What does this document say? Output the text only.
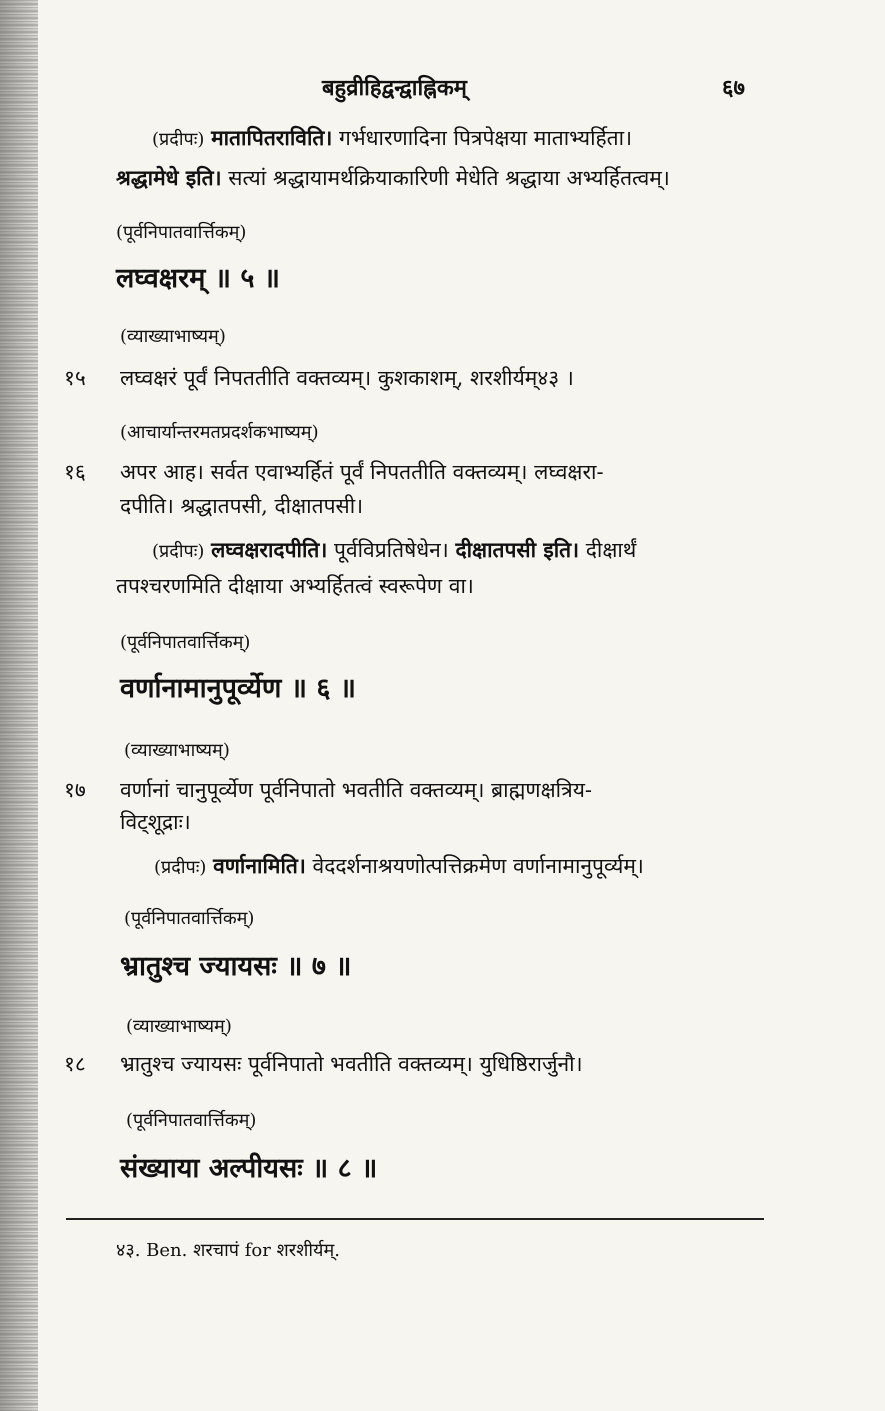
बहुव्रीहिद्वन्द्वाह्निकम्	६७
(प्रदीपः) मातापितराविति। गर्भधारणादिना पित्रपेक्षया माताभ्यर्हिता।
श्रद्धामेधे इति। सत्यां श्रद्धायामर्थक्रियाकारिणी मेधेति श्रद्धाया अभ्यर्हितत्वम्।
(पूर्वनिपातवार्त्तिकम्)
लघ्वक्षरम् ॥ ५ ॥
(व्याख्याभाष्यम्)
१५ लघ्वक्षरं पूर्वं निपततीति वक्तव्यम्। कुशकाशम्, शरशीर्यम्४३ ।
(आचार्यान्तरमतप्रदर्शकभाष्यम्)
१६ अपर आह। सर्वत एवाभ्यर्हितं पूर्वं निपततीति वक्तव्यम्। लघ्वक्षरा-
दपीति। श्रद्धातपसी, दीक्षातपसी।
(प्रदीपः) लघ्वक्षरादपीति। पूर्वविप्रतिषेधेन। दीक्षातपसी इति। दीक्षार्थं
तपश्चरणमिति दीक्षाया अभ्यर्हितत्वं स्वरूपेण वा।
(पूर्वनिपातवार्त्तिकम्)
वर्णानामानुपूर्व्येण ॥ ६ ॥
(व्याख्याभाष्यम्)
१७ वर्णानां चानुपूर्व्येण पूर्वनिपातो भवतीति वक्तव्यम्। ब्राह्मणक्षत्रिय-
विट्शूद्राः।
(प्रदीपः) वर्णानामिति। वेददर्शनाश्रयणोत्पत्तिक्रमेण वर्णानामानुपूर्व्यम्।
(पूर्वनिपातवार्त्तिकम्)
भ्रातुश्च ज्यायसः ॥ ७ ॥
(व्याख्याभाष्यम्)
१८ भ्रातुश्च ज्यायसः पूर्वनिपातो भवतीति वक्तव्यम्। युधिष्ठिरार्जुनौ।
(पूर्वनिपातवार्त्तिकम्)
संख्याया अल्पीयसः ॥ ८ ॥
४३. Ben. शरचापं for शरशीर्यम्.
